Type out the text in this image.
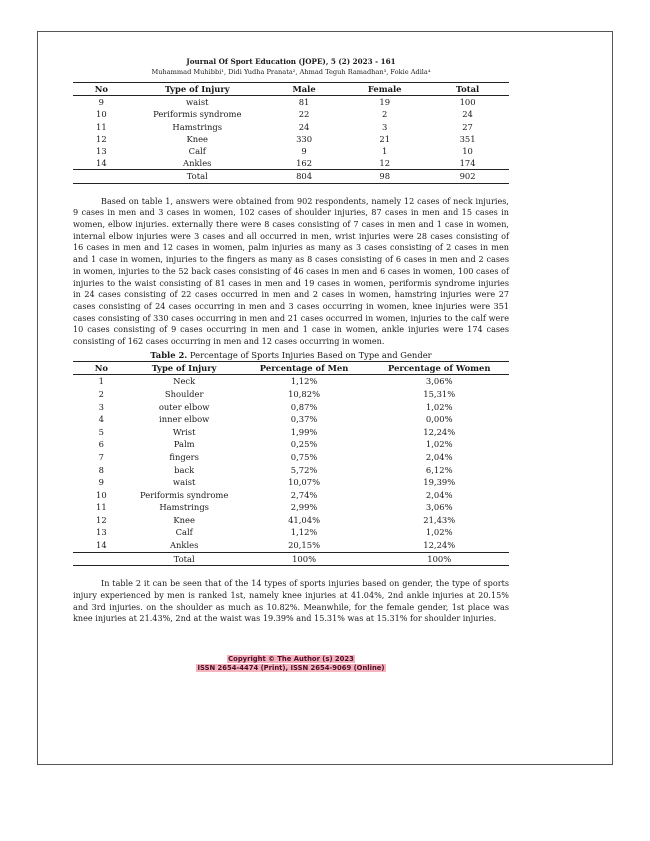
Journal Of Sport Education (JOPE), 5 (2) 2023 - 161
Muhammad Muhibbi¹, Didi Yudha Pranata², Ahmad Teguh Ramadhan³, Fokie Adila⁴
No	Type of Injury	Male	Female	Total
9	waist	81	19	100
10	Periformis syndrome	22	2	24
11	Hamstrings	24	3	27
12	Knee	330	21	351
13	Calf	9	1	10
14	Ankles	162	12	174
	Total	804	98	902

Based on table 1, answers were obtained from 902 respondents, namely 12 cases of neck injuries, 9 cases in men and 3 cases in women, 102 cases of shoulder injuries, 87 cases in men and 15 cases in women, elbow injuries. externally there were 8 cases consisting of 7 cases in men and 1 case in women, internal elbow injuries were 3 cases and all occurred in men, wrist injuries were 28 cases consisting of 16 cases in men and 12 cases in women, palm injuries as many as 3 cases consisting of 2 cases in men and 1 case in women, injuries to the fingers as many as 8 cases consisting of 6 cases in men and 2 cases in women, injuries to the 52 back cases consisting of 46 cases in men and 6 cases in women, 100 cases of injuries to the waist consisting of 81 cases in men and 19 cases in women, periformis syndrome injuries in 24 cases consisting of 22 cases occurred in men and 2 cases in women, hamstring injuries were 27 cases consisting of 24 cases occurring in men and 3 cases occurring in women, knee injuries were 351 cases consisting of 330 cases occurring in men and 21 cases occurred in women, injuries to the calf were 10 cases consisting of 9 cases occurring in men and 1 case in women, ankle injuries were 174 cases consisting of 162 cases occurring in men and 12 cases occurring in women.

Table 2. Percentage of Sports Injuries Based on Type and Gender
No	Type of Injury	Percentage of Men	Percentage of Women
1	Neck	1,12%	3,06%
2	Shoulder	10,82%	15,31%
3	outer elbow	0,87%	1,02%
4	inner elbow	0,37%	0,00%
5	Wrist	1,99%	12,24%
6	Palm	0,25%	1,02%
7	fingers	0,75%	2,04%
8	back	5,72%	6,12%
9	waist	10,07%	19,39%
10	Periformis syndrome	2,74%	2,04%
11	Hamstrings	2,99%	3,06%
12	Knee	41,04%	21,43%
13	Calf	1,12%	1,02%
14	Ankles	20,15%	12,24%
	Total	100%	100%

In table 2 it can be seen that of the 14 types of sports injuries based on gender, the type of sports injury experienced by men is ranked 1st, namely knee injuries at 41.04%, 2nd ankle injuries at 20.15% and 3rd injuries. on the shoulder as much as 10.82%. Meanwhile, for the female gender, 1st place was knee injuries at 21.43%, 2nd at the waist was 19.39% and 15.31% was at 15.31% for shoulder injuries.

Copyright © The Author (s) 2023
ISSN 2654-4474 (Print), ISSN 2654-9069 (Online)
